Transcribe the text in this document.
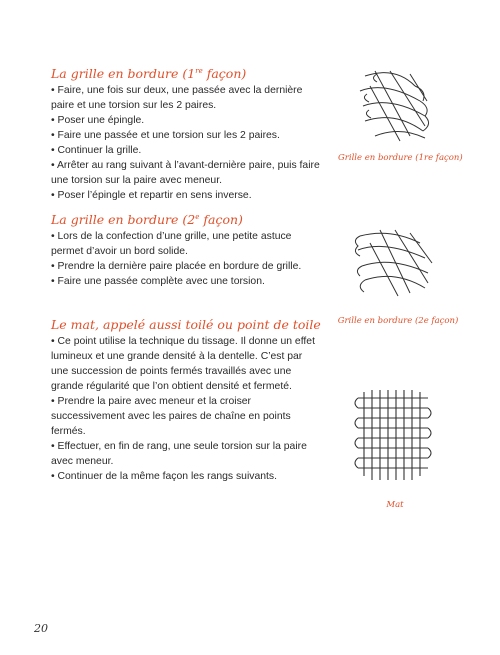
La grille en bordure (1re façon)

• Faire, une fois sur deux, une passée avec la dernière paire et une torsion sur les 2 paires.

• Poser une épingle.

• Faire une passée et une torsion sur les 2 paires.

• Continuer la grille.

• Arrêter au rang suivant à l’avant-dernière paire, puis faire une torsion sur la paire avec meneur.

• Poser l’épingle et repartir en sens inverse.

La grille en bordure (2e façon)

• Lors de la confection d’une grille, une petite astuce permet d’avoir un bord solide.

• Prendre la dernière paire placée en bordure de grille.

• Faire une passée complète avec une torsion.

Le mat, appelé aussi toilé ou point de toile

• Ce point utilise la technique du tissage. Il donne un effet lumineux et une grande densité à la dentelle. C’est par une succession de points fermés travaillés avec une grande régularité que l’on obtient densité et fermeté.

• Prendre la paire avec meneur et la croiser successivement avec les paires de chaîne en points fermés.

• Effectuer, en fin de rang, une seule torsion sur la paire avec meneur.

• Continuer de la même façon les rangs suivants.

Grille en bordure (1re façon)
Grille en bordure (2e façon)
Mat
20
